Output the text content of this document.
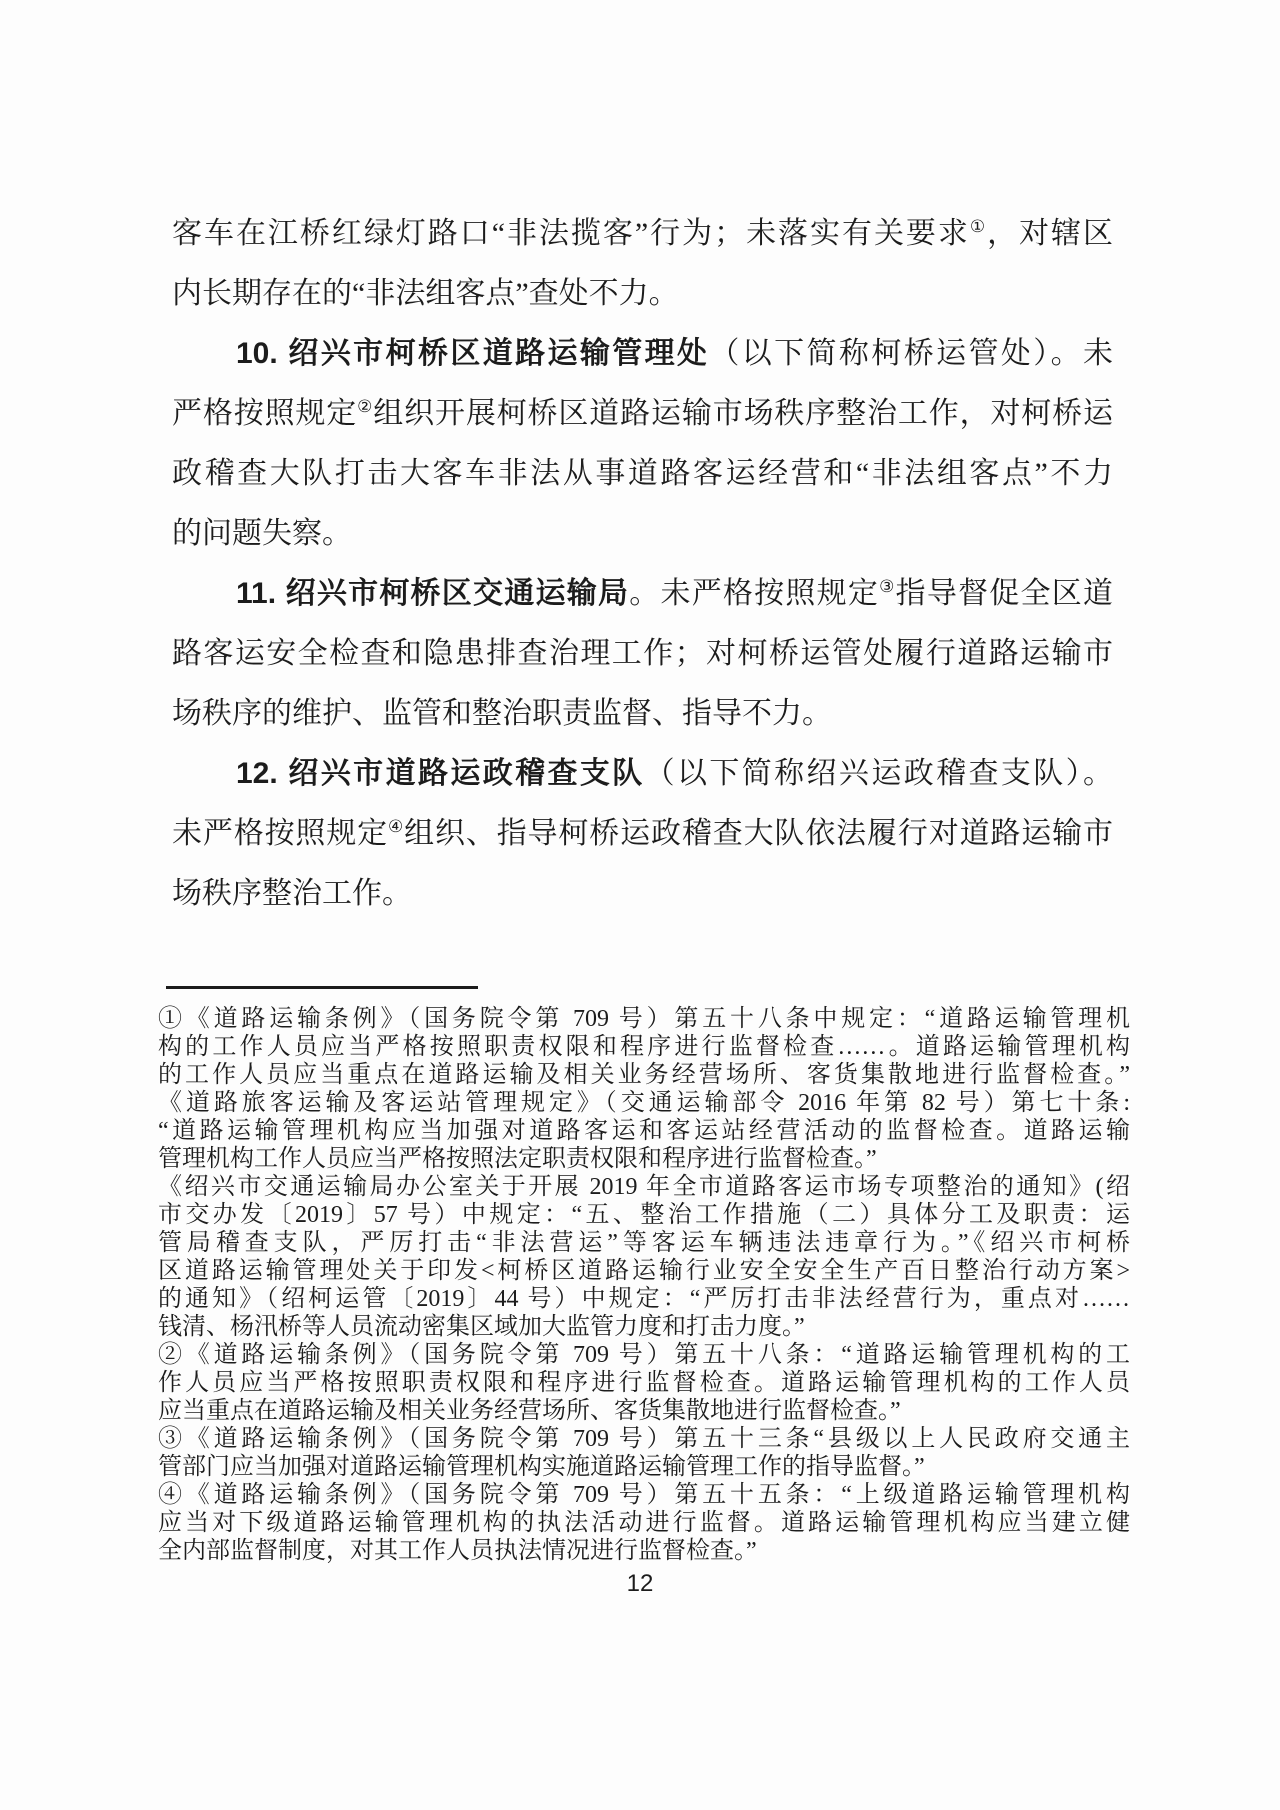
客车在江桥红绿灯路口“非法揽客”行为；未落实有关要求①，对辖区
内长期存在的“非法组客点”查处不力。
10. 绍兴市柯桥区道路运输管理处（以下简称柯桥运管处）。未
严格按照规定②组织开展柯桥区道路运输市场秩序整治工作，对柯桥运
政稽查大队打击大客车非法从事道路客运经营和“非法组客点”不力
的问题失察。
11. 绍兴市柯桥区交通运输局。未严格按照规定③指导督促全区道
路客运安全检查和隐患排查治理工作；对柯桥运管处履行道路运输市
场秩序的维护、监管和整治职责监督、指导不力。
12. 绍兴市道路运政稽查支队（以下简称绍兴运政稽查支队）。
未严格按照规定④组织、指导柯桥运政稽查大队依法履行对道路运输市
场秩序整治工作。
①《道路运输条例》（国务院令第 709 号）第五十八条中规定：“道路运输管理机
构的工作人员应当严格按照职责权限和程序进行监督检查……。道路运输管理机构
的工作人员应当重点在道路运输及相关业务经营场所、客货集散地进行监督检查。”
《道路旅客运输及客运站管理规定》（交通运输部令 2016 年第 82 号）第七十条:
“道路运输管理机构应当加强对道路客运和客运站经营活动的监督检查。道路运输
管理机构工作人员应当严格按照法定职责权限和程序进行监督检查。”
《绍兴市交通运输局办公室关于开展 2019 年全市道路客运市场专项整治的通知》(绍
市交办发〔2019〕57 号）中规定：“五、整治工作措施（二）具体分工及职责：运
管局稽查支队，严厉打击“非法营运”等客运车辆违法违章行为。”《绍兴市柯桥
区道路运输管理处关于印发<柯桥区道路运输行业安全安全生产百日整治行动方案>
的通知》（绍柯运管〔2019〕44 号）中规定：“严厉打击非法经营行为，重点对……
钱清、杨汛桥等人员流动密集区域加大监管力度和打击力度。”
②《道路运输条例》（国务院令第 709 号）第五十八条：“道路运输管理机构的工
作人员应当严格按照职责权限和程序进行监督检查。道路运输管理机构的工作人员
应当重点在道路运输及相关业务经营场所、客货集散地进行监督检查。”
③《道路运输条例》（国务院令第 709 号）第五十三条“县级以上人民政府交通主
管部门应当加强对道路运输管理机构实施道路运输管理工作的指导监督。”
④《道路运输条例》（国务院令第 709 号）第五十五条：“上级道路运输管理机构
应当对下级道路运输管理机构的执法活动进行监督。道路运输管理机构应当建立健
全内部监督制度，对其工作人员执法情况进行监督检查。”
12
